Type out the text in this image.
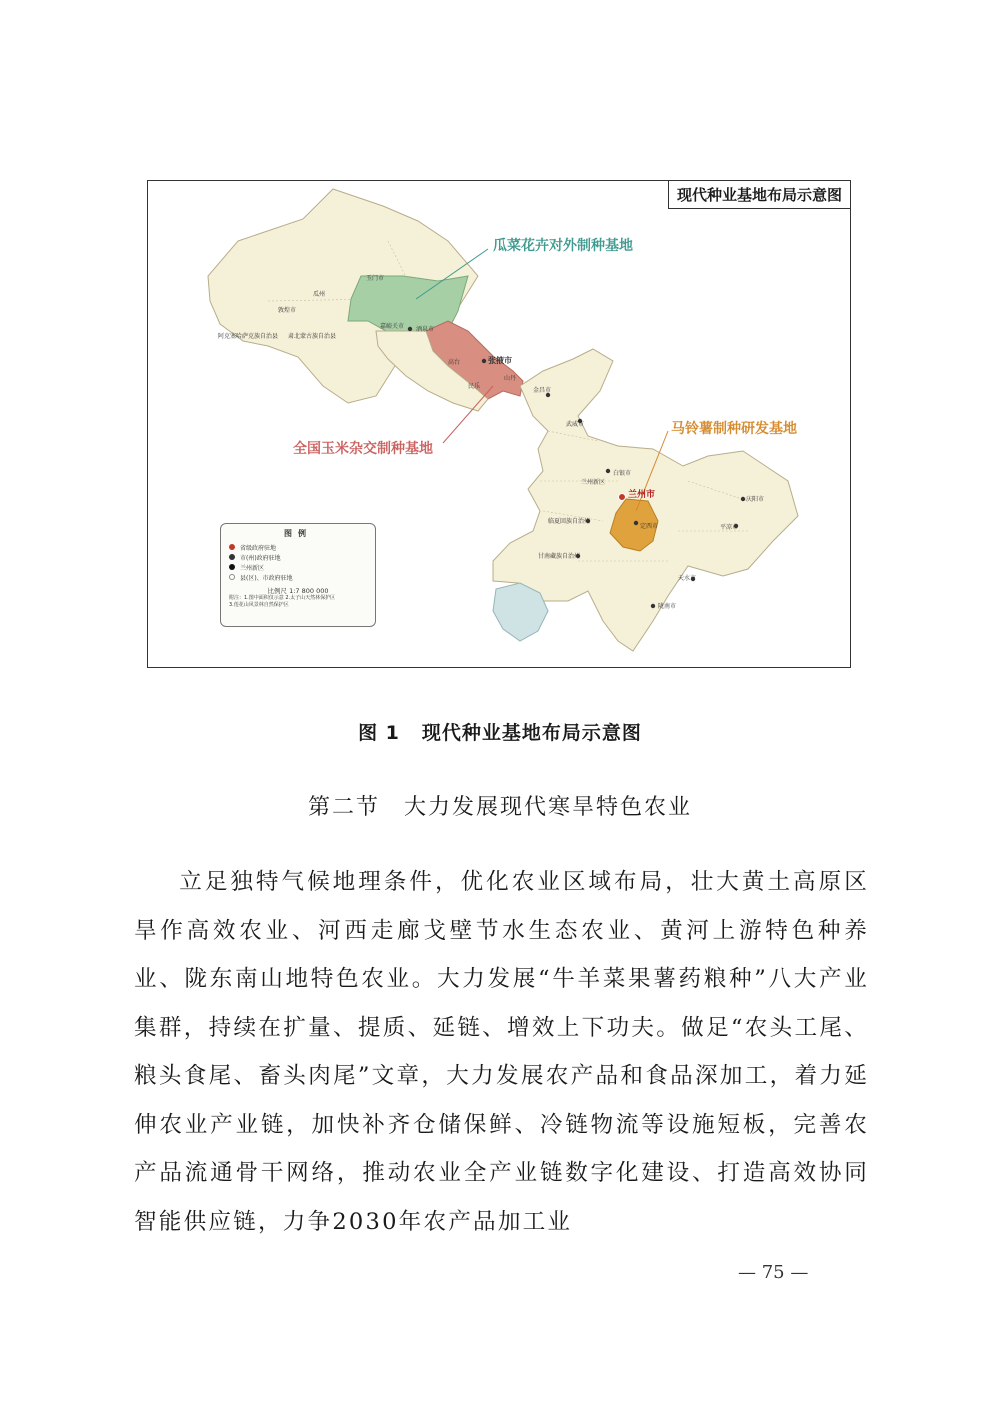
现代种业基地布局示意图
瓜菜花卉对外制种基地
全国玉米杂交制种基地
马铃薯制种研发基地
兰州市
定西市
张掖市
嘉峪关市 酒泉市
金昌市
武威市
白银市
天水市
庆阳市
平凉市
陇南市
临夏回族自治州
甘南藏族自治州
兰州新区
玉门市
敦煌市
瓜州
肃北蒙古族自治县
阿克塞哈萨克族自治县
高台
民乐
山丹
图例
省级政府驻地
市(州)政府驻地
兰州新区
县(区)、市政府驻地
比例尺 1:7 800 000
附注：1.图中面积仅示意 2.太子山天然林保护区
3.莲花山风景林自然保护区
图 1 现代种业基地布局示意图
第二节 大力发展现代寒旱特色农业

立足独特气候地理条件，优化农业区域布局，壮大黄土高原区旱作高效农业、河西走廊戈壁节水生态农业、黄河上游特色种养业、陇东南山地特色农业。大力发展“牛羊菜果薯药粮种”八大产业集群，持续在扩量、提质、延链、增效上下功夫。做足“农头工尾、粮头食尾、畜头肉尾”文章，大力发展农产品和食品深加工，着力延伸农业产业链，加快补齐仓储保鲜、冷链物流等设施短板，完善农产品流通骨干网络，推动农业全产业链数字化建设、打造高效协同智能供应链，力争2030年农产品加工业

— 75 —
